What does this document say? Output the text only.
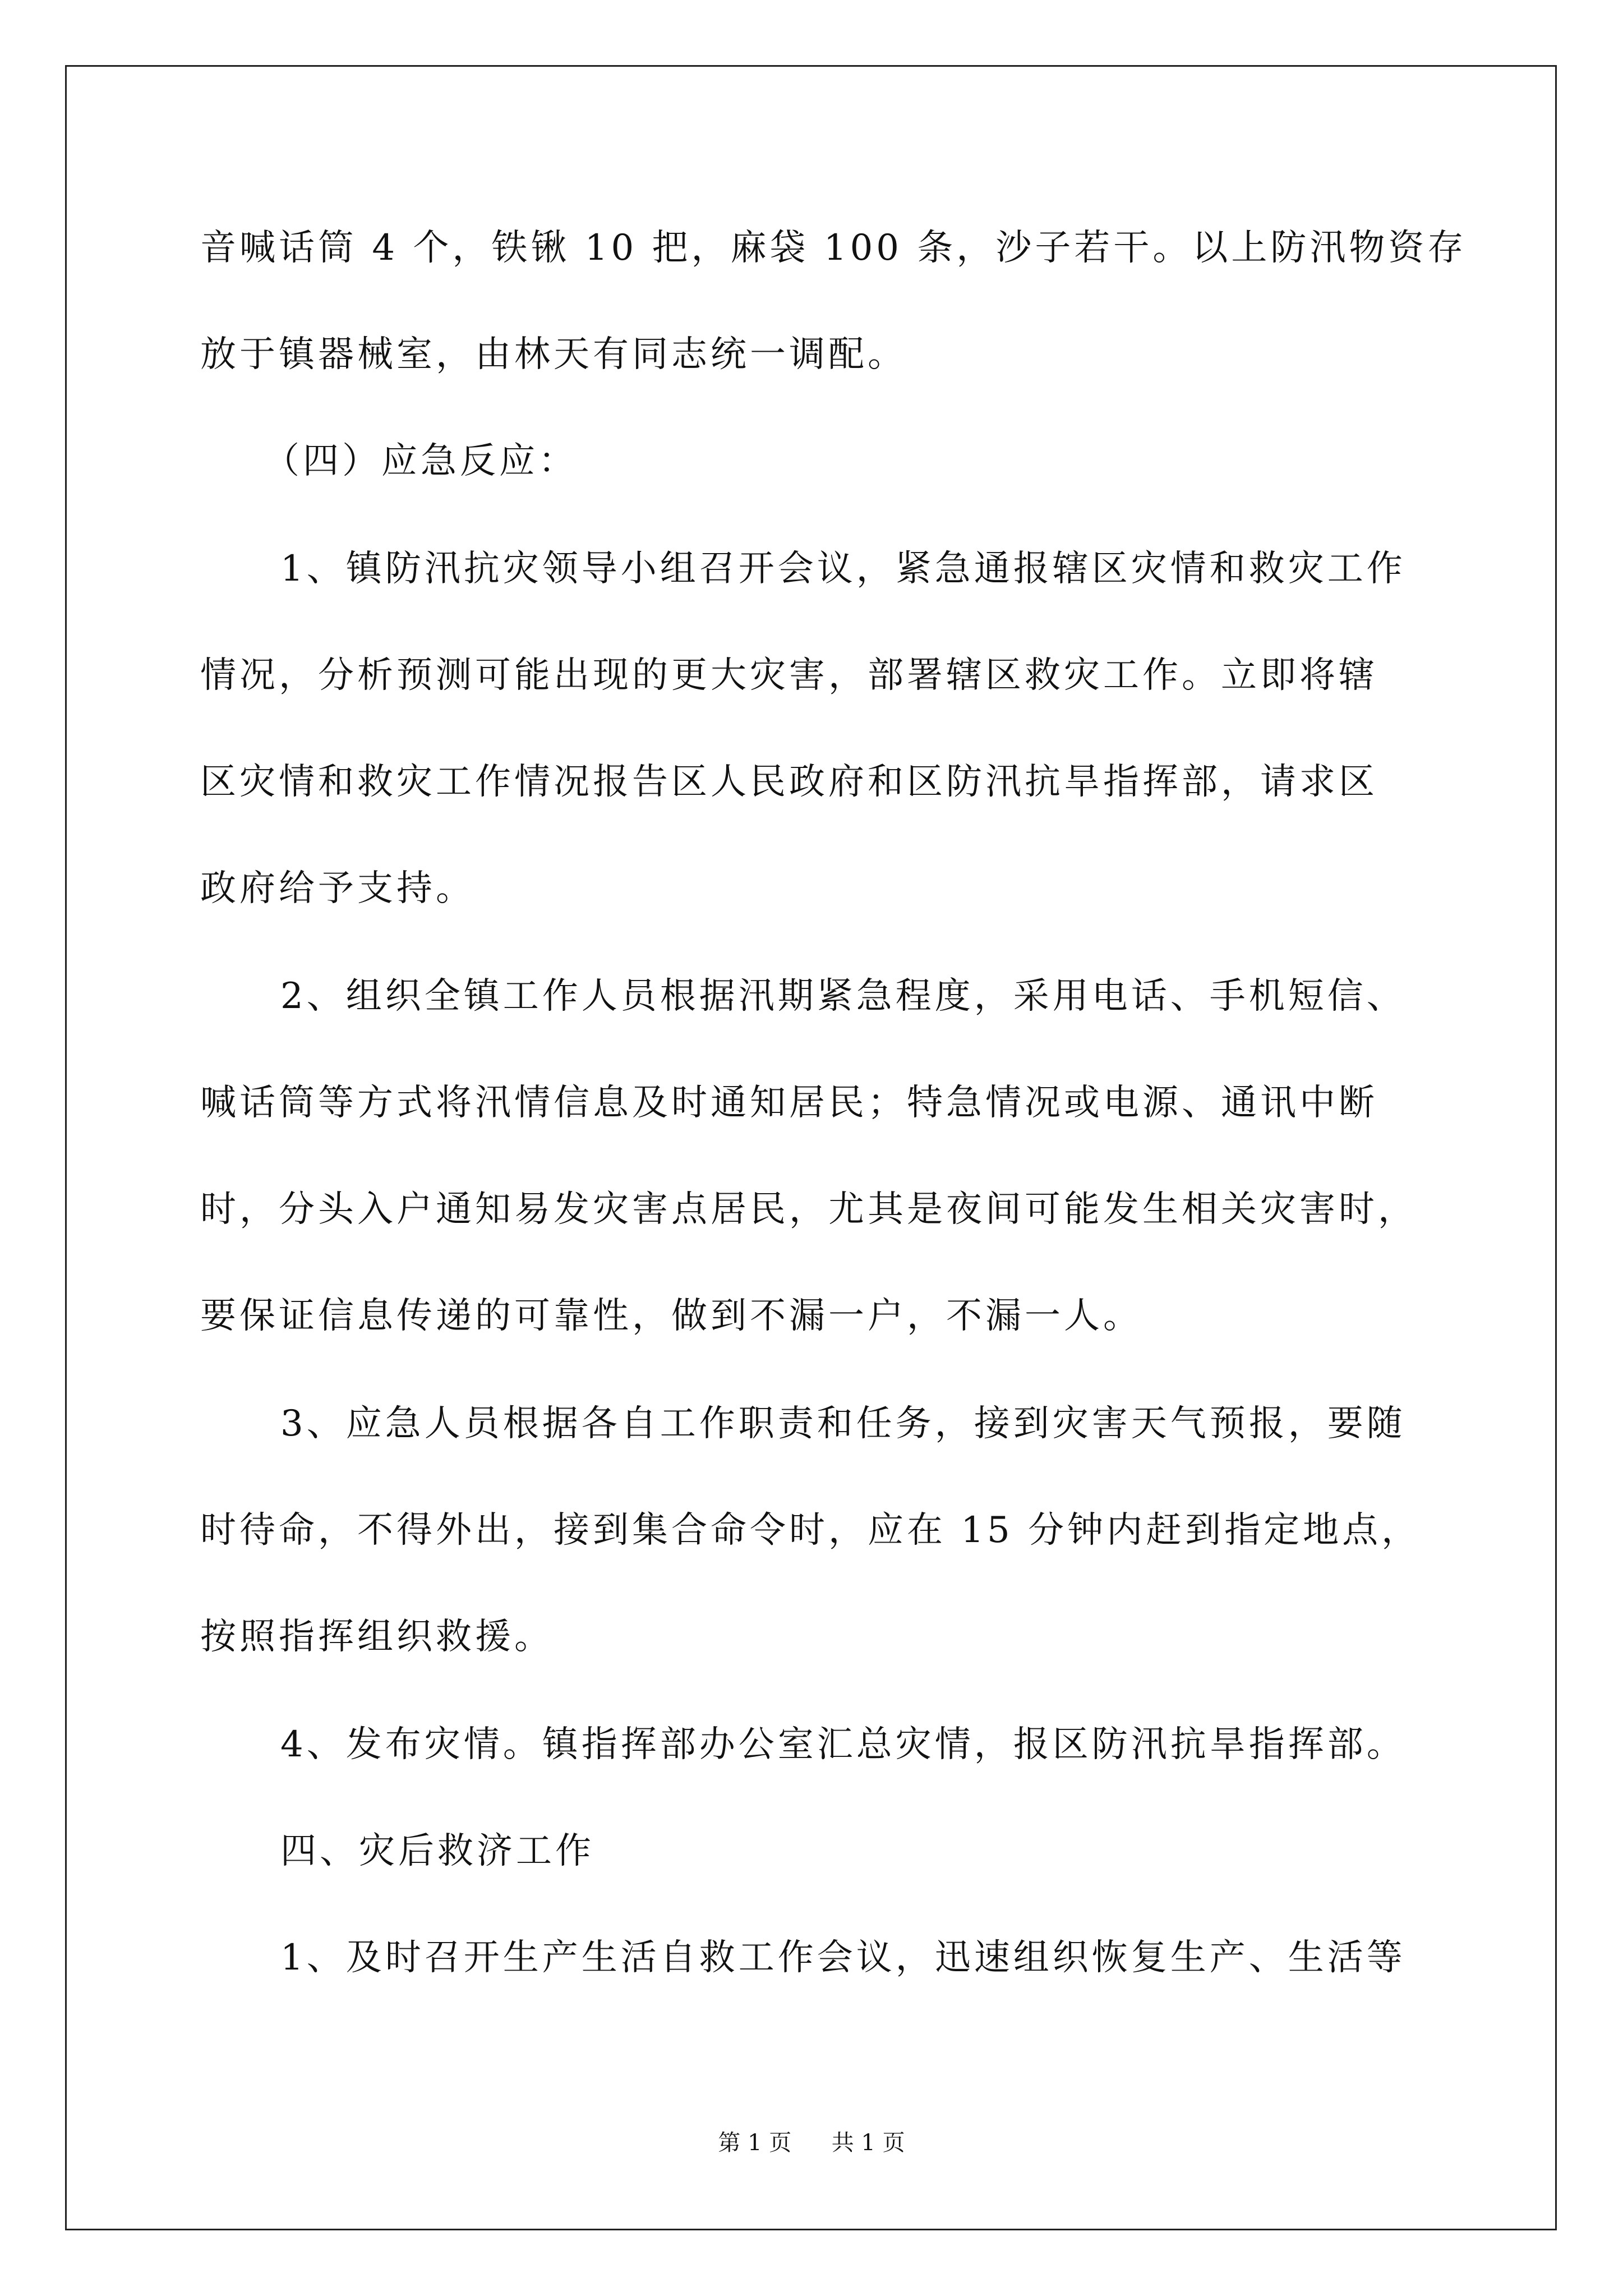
音喊话筒 4 个，铁锹 10 把，麻袋 100 条，沙子若干。以上防汛物资存

放于镇器械室，由林天有同志统一调配。

（四）应急反应：

1、镇防汛抗灾领导小组召开会议，紧急通报辖区灾情和救灾工作

情况，分析预测可能出现的更大灾害，部署辖区救灾工作。立即将辖

区灾情和救灾工作情况报告区人民政府和区防汛抗旱指挥部，请求区

政府给予支持。

2、组织全镇工作人员根据汛期紧急程度，采用电话、手机短信、

喊话筒等方式将汛情信息及时通知居民；特急情况或电源、通讯中断

时，分头入户通知易发灾害点居民，尤其是夜间可能发生相关灾害时，

要保证信息传递的可靠性，做到不漏一户，不漏一人。

3、应急人员根据各自工作职责和任务，接到灾害天气预报，要随

时待命，不得外出，接到集合命令时，应在 15 分钟内赶到指定地点，

按照指挥组织救援。

4、发布灾情。镇指挥部办公室汇总灾情，报区防汛抗旱指挥部。

四、灾后救济工作

1、及时召开生产生活自救工作会议，迅速组织恢复生产、生活等

第 1 页 共 1 页
